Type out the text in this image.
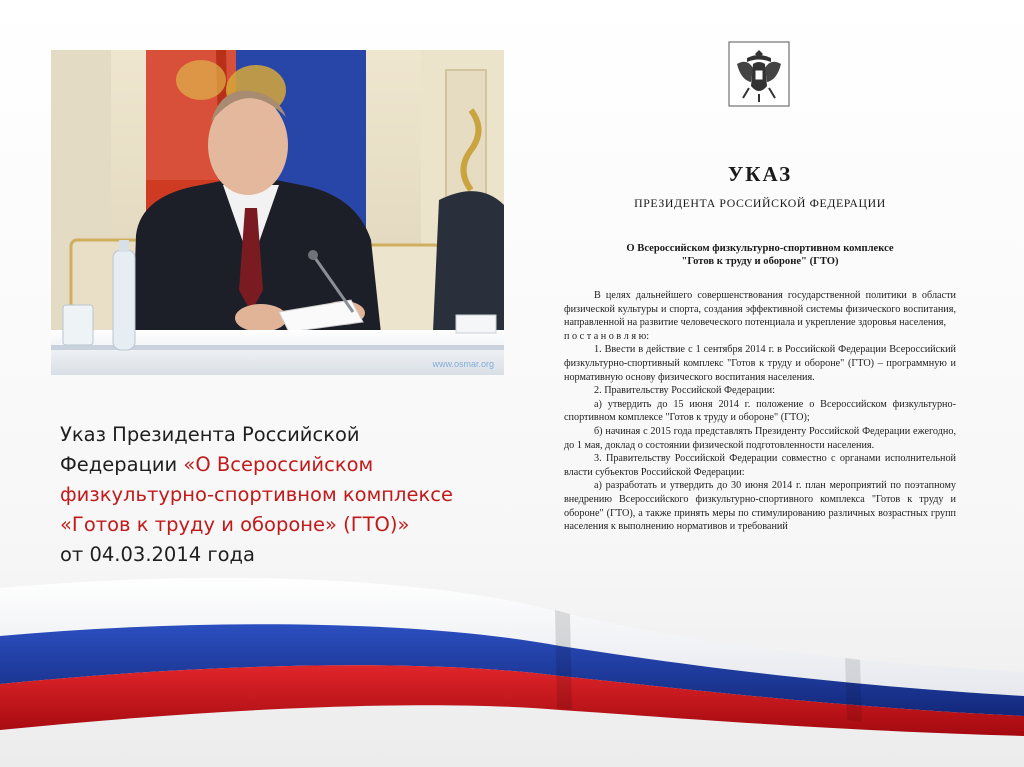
www.osmar.org
Указ Президента Российской Федерации «О Всероссийском физкультурно-спортивном комплексе «Готов к труду и обороне» (ГТО)»
от 04.03.2014 года
УКАЗ
ПРЕЗИДЕНТА РОССИЙСКОЙ ФЕДЕРАЦИИ
О Всероссийском физкультурно-спортивном комплексе
"Готов к труду и обороне" (ГТО)

В целях дальнейшего совершенствования государственной политики в области физической культуры и спорта, создания эффективной системы физического воспитания, направленной на развитие человеческого потенциала и укрепление здоровья населения,

п о с т а н о в л я ю:

1. Ввести в действие с 1 сентября 2014 г. в Российской Федерации Всероссийский физкультурно-спортивный комплекс "Готов к труду и обороне" (ГТО) – программную и нормативную основу физического воспитания населения.

2. Правительству Российской Федерации:

а) утвердить до 15 июня 2014 г. положение о Всероссийском физкультурно-спортивном комплексе "Готов к труду и обороне" (ГТО);

б) начиная с 2015 года представлять Президенту Российской Федерации ежегодно, до 1 мая, доклад о состоянии физической подготовленности населения.

3. Правительству Российской Федерации совместно с органами исполнительной власти субъектов Российской Федерации:

а) разработать и утвердить до 30 июня 2014 г. план мероприятий по поэтапному внедрению Всероссийского физкультурно-спортивного комплекса "Готов к труду и обороне" (ГТО), а также принять меры по стимулированию различных возрастных групп населения к выполнению нормативов и требований
